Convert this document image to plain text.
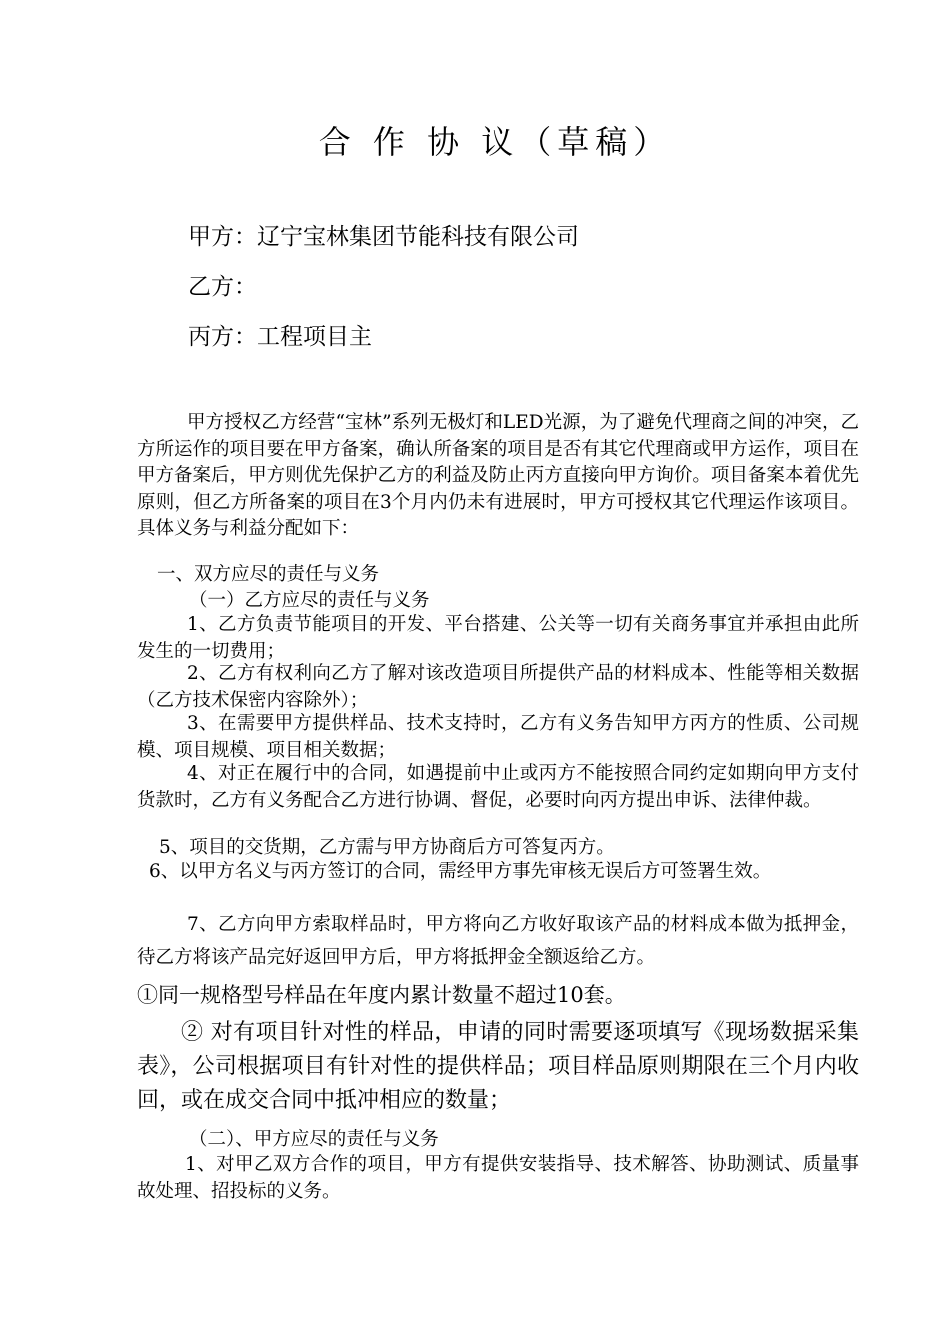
合 作 协 议（草稿）

甲方：辽宁宝林集团节能科技有限公司

乙方：

丙方：工程项目主

甲方授权乙方经营“宝林”系列无极灯和LED光源，为了避免代理商之间的冲突，乙方所运作的项目要在甲方备案，确认所备案的项目是否有其它代理商或甲方运作，项目在甲方备案后，甲方则优先保护乙方的利益及防止丙方直接向甲方询价。项目备案本着优先原则，但乙方所备案的项目在3个月内仍未有进展时，甲方可授权其它代理运作该项目。具体义务与利益分配如下：

一、双方应尽的责任与义务

（一）乙方应尽的责任与义务

1、乙方负责节能项目的开发、平台搭建、公关等一切有关商务事宜并承担由此所发生的一切费用；

2、乙方有权利向乙方了解对该改造项目所提供产品的材料成本、性能等相关数据（乙方技术保密内容除外）；

3、在需要甲方提供样品、技术支持时，乙方有义务告知甲方丙方的性质、公司规模、项目规模、项目相关数据；

4、对正在履行中的合同，如遇提前中止或丙方不能按照合同约定如期向甲方支付货款时，乙方有义务配合乙方进行协调、督促，必要时向丙方提出申诉、法律仲裁。

5、项目的交货期，乙方需与甲方协商后方可答复丙方。

6、以甲方名义与丙方签订的合同，需经甲方事先审核无误后方可签署生效。

7、乙方向甲方索取样品时，甲方将向乙方收好取该产品的材料成本做为抵押金，待乙方将该产品完好返回甲方后，甲方将抵押金全额返给乙方。

①同一规格型号样品在年度内累计数量不超过10套。

② 对有项目针对性的样品，申请的同时需要逐项填写《现场数据采集表》，公司根据项目有针对性的提供样品；项目样品原则期限在三个月内收回，或在成交合同中抵冲相应的数量；

（二）、甲方应尽的责任与义务

1、对甲乙双方合作的项目，甲方有提供安装指导、技术解答、协助测试、质量事故处理、招投标的义务。
